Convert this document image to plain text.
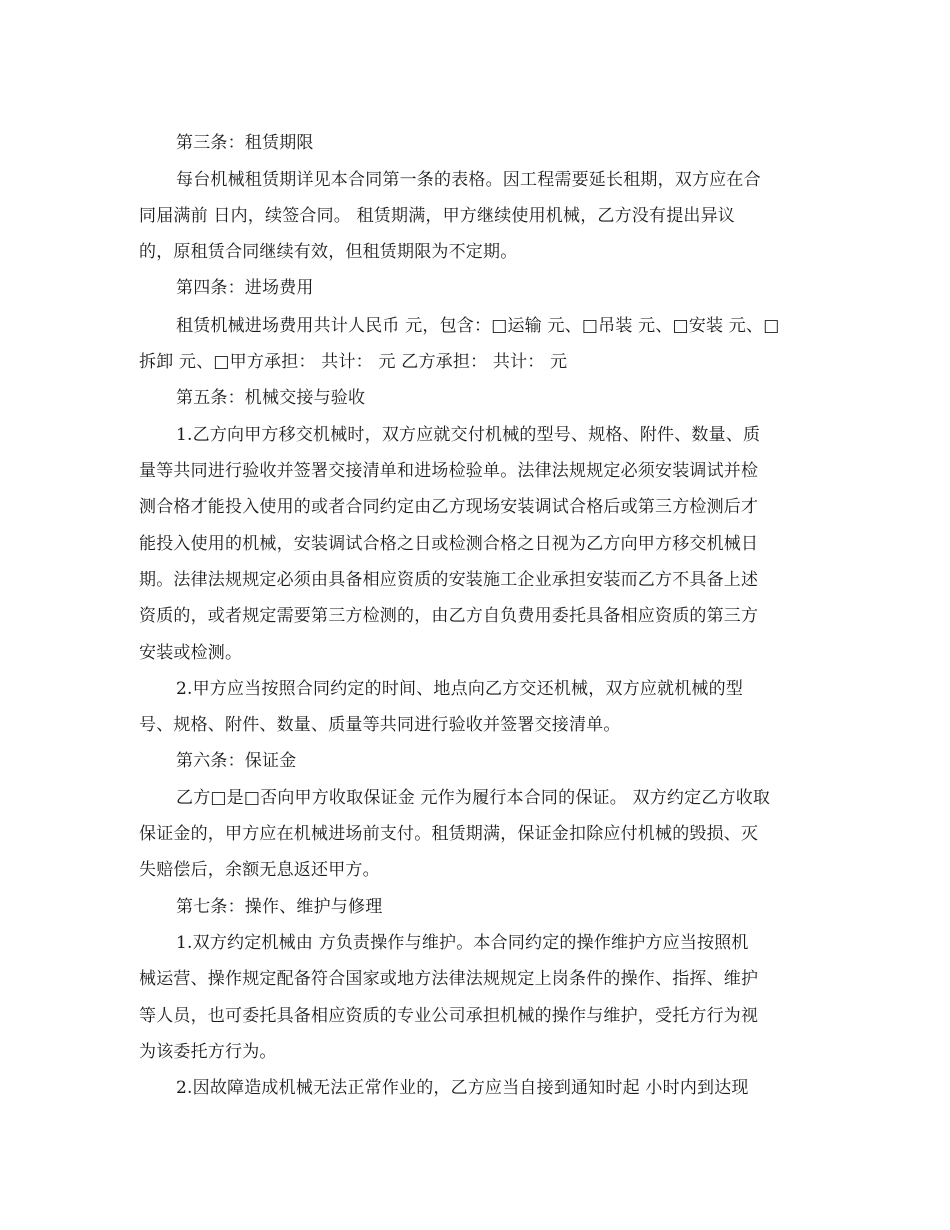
第三条：租赁期限
每台机械租赁期详见本合同第一条的表格。因工程需要延长租期，双方应在合
同届满前 日内，续签合同。 租赁期满，甲方继续使用机械，乙方没有提出异议
的，原租赁合同继续有效，但租赁期限为不定期。
第四条：进场费用
租赁机械进场费用共计人民币 元，包含：□运输 元、□吊装 元、□安装 元、□
拆卸 元、□甲方承担： 共计： 元 乙方承担： 共计： 元
第五条：机械交接与验收
1.乙方向甲方移交机械时，双方应就交付机械的型号、规格、附件、数量、质
量等共同进行验收并签署交接清单和进场检验单。法律法规规定必须安装调试并检
测合格才能投入使用的或者合同约定由乙方现场安装调试合格后或第三方检测后才
能投入使用的机械，安装调试合格之日或检测合格之日视为乙方向甲方移交机械日
期。法律法规规定必须由具备相应资质的安装施工企业承担安装而乙方不具备上述
资质的，或者规定需要第三方检测的，由乙方自负费用委托具备相应资质的第三方
安装或检测。
2.甲方应当按照合同约定的时间、地点向乙方交还机械，双方应就机械的型
号、规格、附件、数量、质量等共同进行验收并签署交接清单。
第六条：保证金
乙方□是□否向甲方收取保证金 元作为履行本合同的保证。 双方约定乙方收取
保证金的，甲方应在机械进场前支付。租赁期满，保证金扣除应付机械的毁损、灭
失赔偿后，余额无息返还甲方。
第七条：操作、维护与修理
1.双方约定机械由 方负责操作与维护。本合同约定的操作维护方应当按照机
械运营、操作规定配备符合国家或地方法律法规规定上岗条件的操作、指挥、维护
等人员，也可委托具备相应资质的专业公司承担机械的操作与维护，受托方行为视
为该委托方行为。
2.因故障造成机械无法正常作业的，乙方应当自接到通知时起 小时内到达现
